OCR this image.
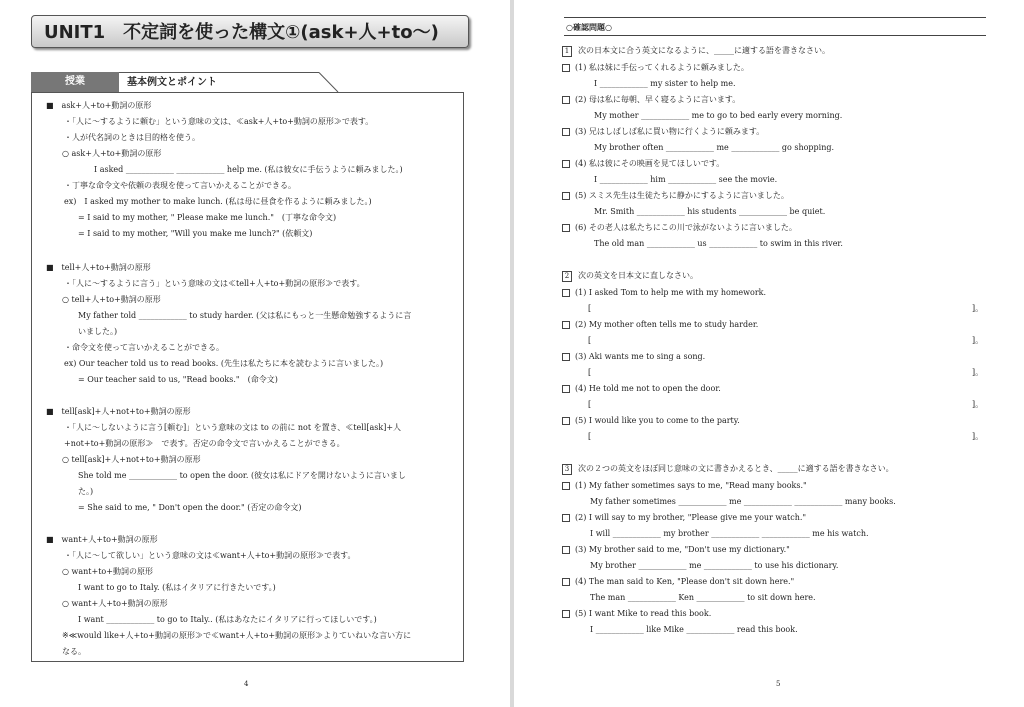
UNIT1　不定詞を使った構文①(ask+人+to～)
授業	基本例文とポイント
■　ask+人+to+動詞の原形
・「人に～するように頼む」という意味の文は、≪ask+人+to+動詞の原形≫で表す。
・人が代名詞のときは目的格を使う。
○ ask+人+to+動詞の原形
I asked ____________ ____________ help me. (私は彼女に手伝うように頼みました。)
・丁寧な命令文や依頼の表現を使って言いかえることができる。
ex)　I asked my mother to make lunch. (私は母に昼食を作るように頼みました。)
= I said to my mother, " Please make me lunch."　(丁寧な命令文)
= I said to my mother, "Will you make me lunch?" (依頼文)
■　tell+人+to+動詞の原形
・「人に～するように言う」という意味の文は≪tell+人+to+動詞の原形≫で表す。
○ tell+人+to+動詞の原形
My father told ____________ to study harder. (父は私にもっと一生懸命勉強するように言
いました。)
・命令文を使って言いかえることができる。
ex) Our teacher told us to read books. (先生は私たちに本を読むように言いました。)
= Our teacher said to us, "Read books."　(命令文)
■　tell[ask]+人+not+to+動詞の原形
・「人に～しないように言う[頼む]」という意味の文は to の前に not を置き、≪tell[ask]+人
+not+to+動詞の原形≫　で表す。否定の命令文で言いかえることができる。
○ tell[ask]+人+not+to+動詞の原形
She told me ____________ to open the door. (彼女は私にドアを開けないように言いまし
た。)
= She said to me, " Don't open the door." (否定の命令文)
■　want+人+to+動詞の原形
・「人に～して欲しい」という意味の文は≪want+人+to+動詞の原形≫で表す。
○ want+to+動詞の原形
I want to go to Italy. (私はイタリアに行きたいです。)
○ want+人+to+動詞の原形
I want ____________ to go to Italy.. (私はあなたにイタリアに行ってほしいです。)
※≪would like+人+to+動詞の原形≫で≪want+人+to+動詞の原形≫よりていねいな言い方に
なる。
4
○確認問題○
1 次の日本文に合う英文になるように、_____に適する語を書きなさい。
(1) 私は妹に手伝ってくれるように頼みました。
I ____________ my sister to help me.
(2) 母は私に毎朝、早く寝るように言います。
My mother ____________ me to go to bed early every morning.
(3) 兄はしばしば私に買い物に行くように頼みます。
My brother often ____________ me ____________ go shopping.
(4) 私は彼にその映画を見てほしいです。
I ____________ him ____________ see the movie.
(5) スミス先生は生徒たちに静かにするように言いました。
Mr. Smith ____________ his students ____________ be quiet.
(6) その老人は私たちにこの川で泳がないように言いました。
The old man ____________ us ____________ to swim in this river.
2 次の英文を日本文に直しなさい。
(1) I asked Tom to help me with my homework.
[	]。
(2) My mother often tells me to study harder.
[	]。
(3) Aki wants me to sing a song.
[	]。
(4) He told me not to open the door.
[	]。
(5) I would like you to come to the party.
[	]。
3 次の２つの英文をほぼ同じ意味の文に書きかえるとき、_____に適する語を書きなさい。
(1) My father sometimes says to me, "Read many books."
My father sometimes ____________ me ____________ ____________ many books.
(2) I will say to my brother, "Please give me your watch."
I will ____________ my brother ____________ ____________ me his watch.
(3) My brother said to me, "Don't use my dictionary."
My brother ____________ me ____________ to use his dictionary.
(4) The man said to Ken, "Please don't sit down here."
The man ____________ Ken ____________ to sit down here.
(5) I want Mike to read this book.
I ____________ like Mike ____________ read this book.
5
